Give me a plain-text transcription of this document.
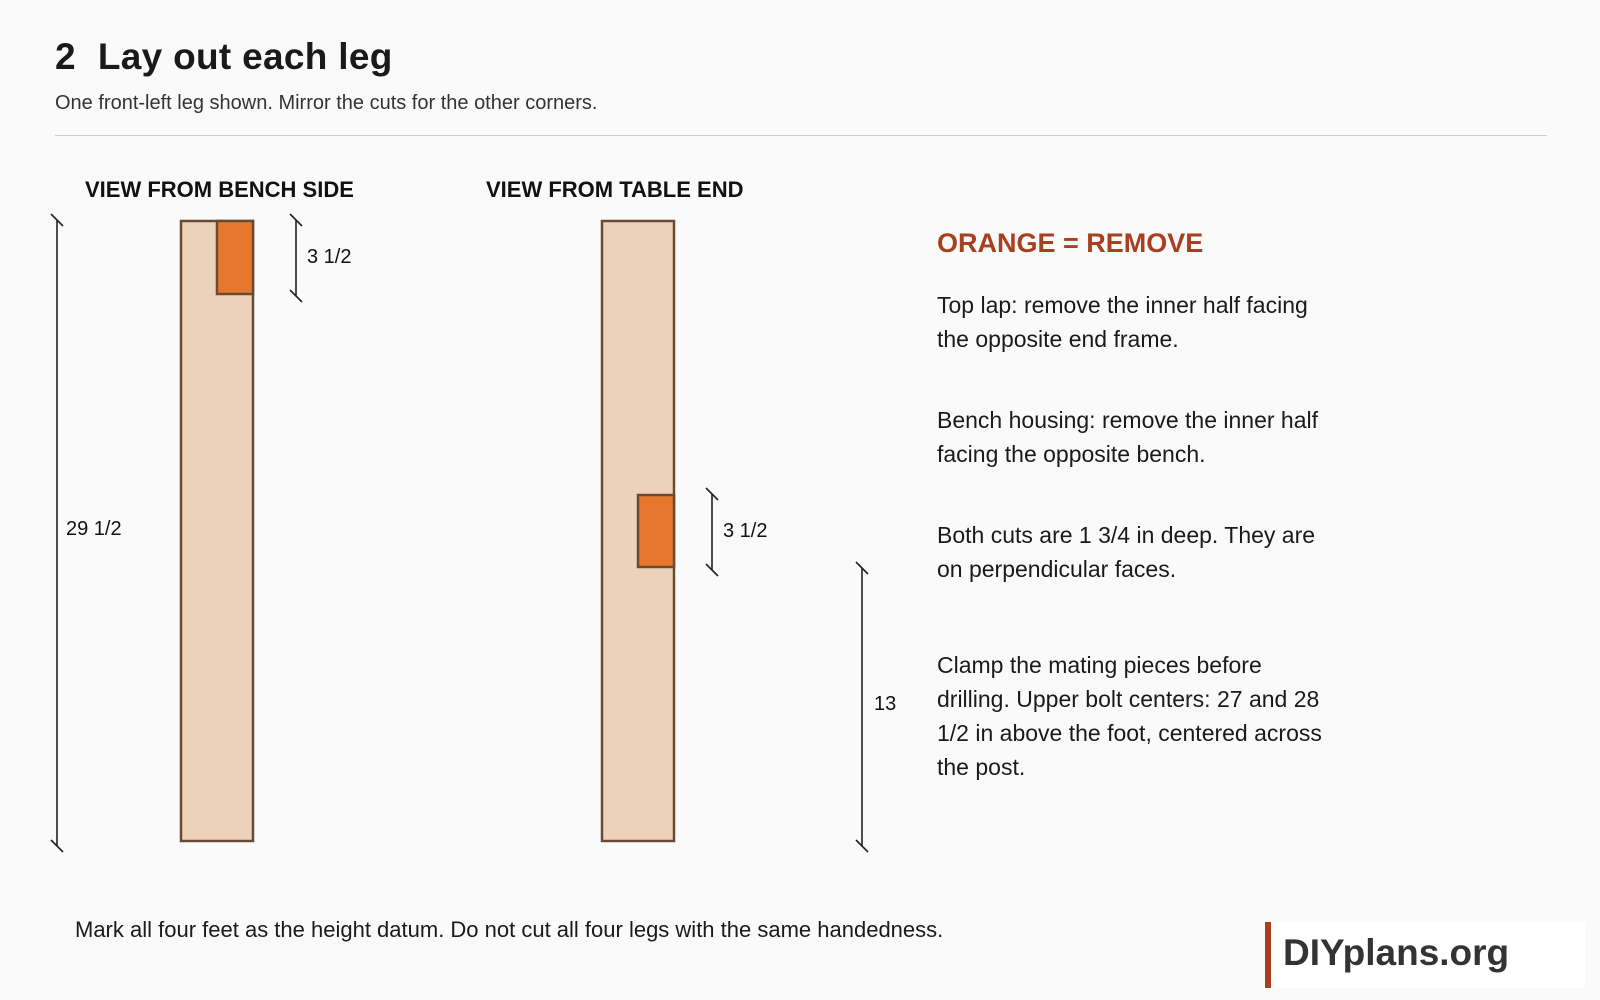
2 Lay out each leg
One front-left leg shown. Mirror the cuts for the other corners.
VIEW FROM BENCH SIDE	VIEW FROM TABLE END
29 1/2
3 1/2
3 1/2
13
ORANGE = REMOVE
Top lap: remove the inner half facing the opposite end frame.
Bench housing: remove the inner half facing the opposite bench.
Both cuts are 1 3/4 in deep. They are on perpendicular faces.
Clamp the mating pieces before drilling. Upper bolt centers: 27 and 28 1/2 in above the foot, centered across the post.
Mark all four feet as the height datum. Do not cut all four legs with the same handedness.
DIYplans.org
